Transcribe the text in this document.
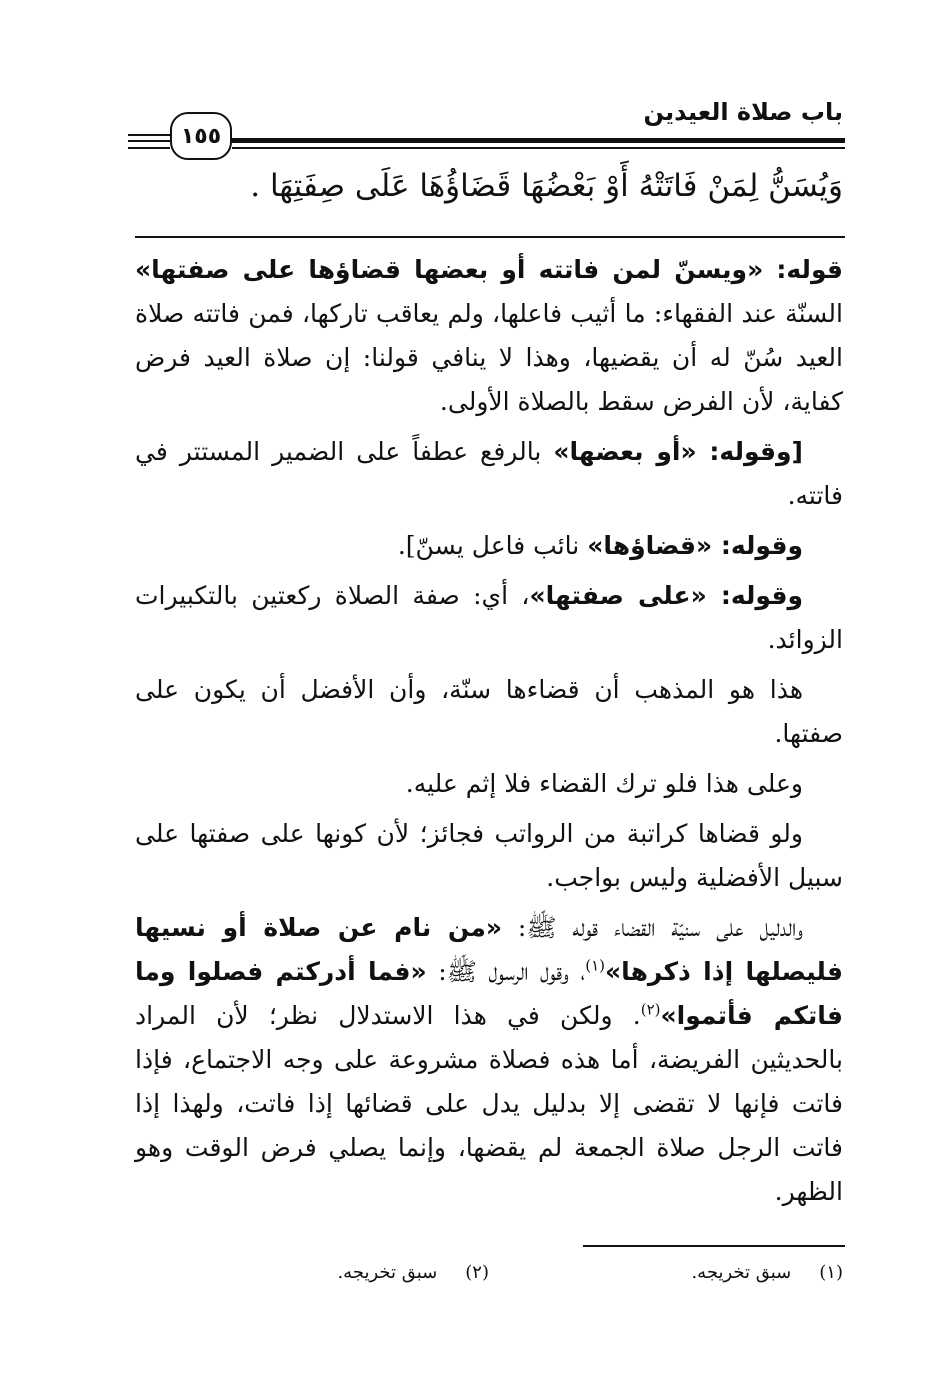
باب صلاة العيدين
١٥٥
وَيُسَنُّ لِمَنْ فَاتَتْهُ أَوْ بَعْضُهَا قَضَاؤُهَا عَلَى صِفَتِهَا .

قوله: «ويسنّ لمن فاتته أو بعضها قضاؤها على صفتها» السنّة عند الفقهاء: ما أثيب فاعلها، ولم يعاقب تاركها، فمن فاتته صلاة العيد سُنّ له أن يقضيها، وهذا لا ينافي قولنا: إن صلاة العيد فرض كفاية، لأن الفرض سقط بالصلاة الأولى.

[وقوله: «أو بعضها» بالرفع عطفاً على الضمير المستتر في فاتته.

وقوله: «قضاؤها» نائب فاعل يسنّ].

وقوله: «على صفتها»، أي: صفة الصلاة ركعتين بالتكبيرات الزوائد.

هذا هو المذهب أن قضاءها سنّة، وأن الأفضل أن يكون على صفتها.

وعلى هذا فلو ترك القضاء فلا إثم عليه.

ولو قضاها كراتبة من الرواتب فجائز؛ لأن كونها على صفتها على سبيل الأفضلية وليس بواجب.

والدليل على سنيّة القضاء قوله ﷺ: «من نام عن صلاة أو نسيها فليصلها إذا ذكرها»$^{(١)}$، وقول الرسول ﷺ: «فما أدركتم فصلوا وما فاتكم فأتموا»$^{(٢)}$. ولكن في هذا الاستدلال نظر؛ لأن المراد بالحديثين الفريضة، أما هذه فصلاة مشروعة على وجه الاجتماع، فإذا فاتت فإنها لا تقضى إلا بدليل يدل على قضائها إذا فاتت، ولهذا إذا فاتت الرجل صلاة الجمعة لم يقضها، وإنما يصلي فرض الوقت وهو الظهر.

(١)سبق تخريجه.
(٢)سبق تخريجه.
